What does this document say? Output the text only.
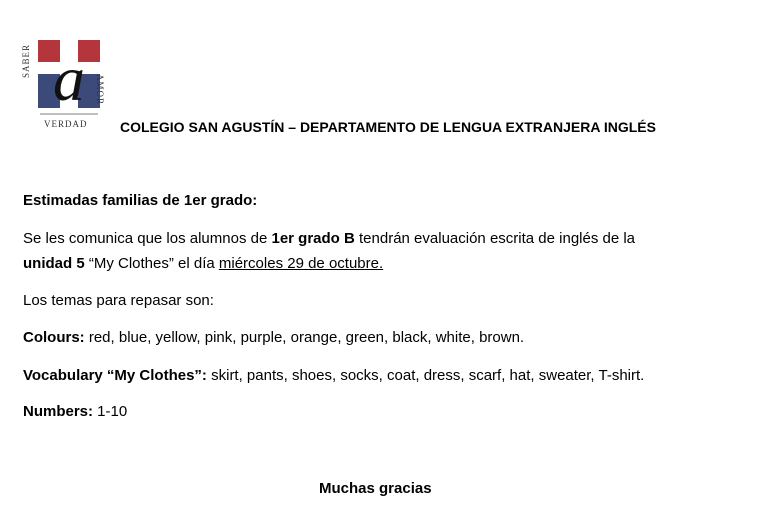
a
SABER
AMOR
VERDAD COLEGIO SAN AGUSTÍN – DEPARTAMENTO DE LENGUA EXTRANJERA INGLÉS

Estimadas familias de 1er grado:

Se les comunica que los alumnos de 1er grado B tendrán evaluación escrita de inglés de la

unidad 5 “My Clothes” el día miércoles 29 de octubre.

Los temas para repasar son:

Colours: red, blue, yellow, pink, purple, orange, green, black, white, brown.

Vocabulary “My Clothes”: skirt, pants, shoes, socks, coat, dress, scarf, hat, sweater, T-shirt.

Numbers: 1-10

Muchas gracias
